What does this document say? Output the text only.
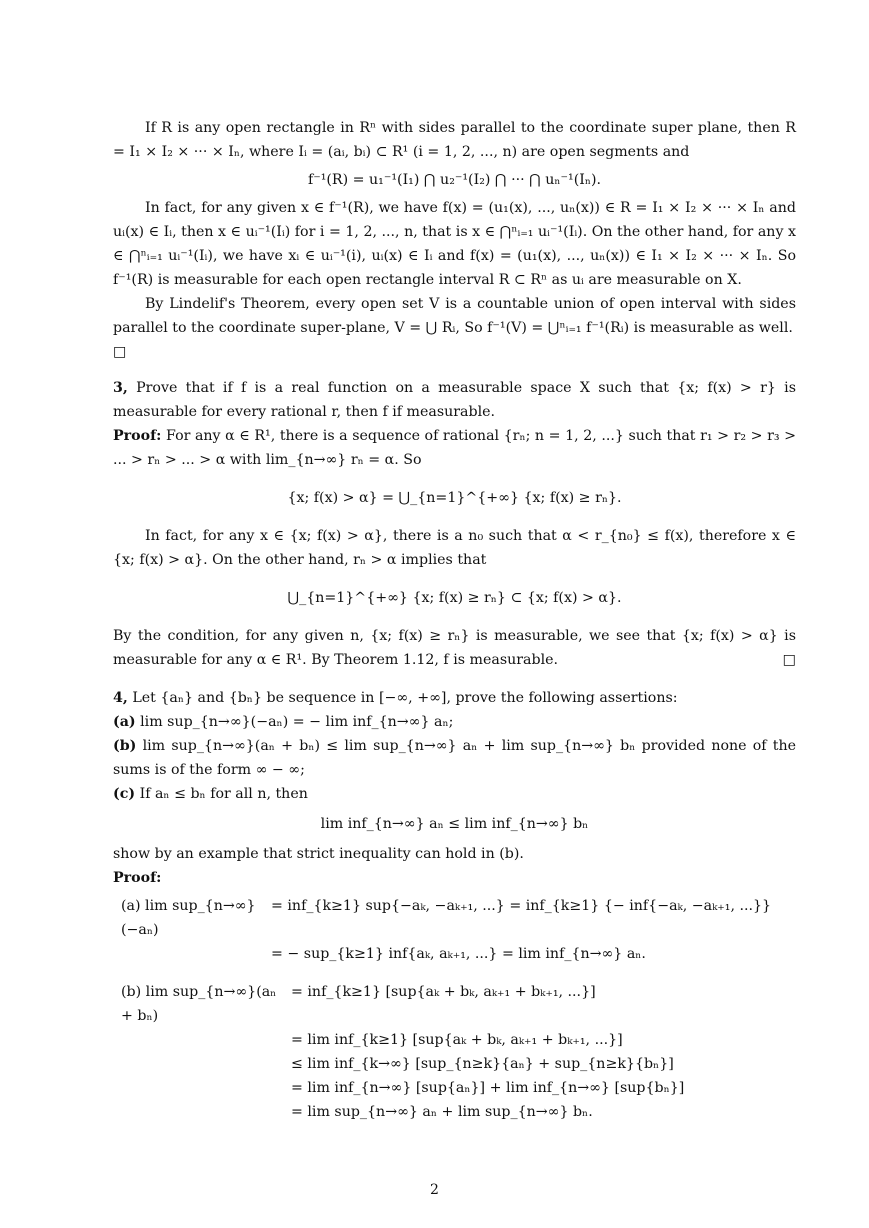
If R is any open rectangle in Rⁿ with sides parallel to the coordinate super plane, then R = I₁ × I₂ × ··· × Iₙ, where Iᵢ = (aᵢ, bᵢ) ⊂ R¹ (i = 1, 2, ..., n) are open segments and

f⁻¹(R) = u₁⁻¹(I₁) ⋂ u₂⁻¹(I₂) ⋂ ··· ⋂ uₙ⁻¹(Iₙ).

In fact, for any given x ∈ f⁻¹(R), we have f(x) = (u₁(x), ..., uₙ(x)) ∈ R = I₁ × I₂ × ··· × Iₙ and uᵢ(x) ∈ Iᵢ, then x ∈ uᵢ⁻¹(Iᵢ) for i = 1, 2, ..., n, that is x ∈ ⋂ⁿᵢ₌₁ uᵢ⁻¹(Iᵢ). On the other hand, for any x ∈ ⋂ⁿᵢ₌₁ uᵢ⁻¹(Iᵢ), we have xᵢ ∈ uᵢ⁻¹(i), uᵢ(x) ∈ Iᵢ and f(x) = (u₁(x), ..., uₙ(x)) ∈ I₁ × I₂ × ··· × Iₙ. So f⁻¹(R) is measurable for each open rectangle interval R ⊂ Rⁿ as uᵢ are measurable on X.

By Lindelif's Theorem, every open set V is a countable union of open interval with sides parallel to the coordinate super-plane, V = ⋃ Rᵢ, So f⁻¹(V) = ⋃ⁿᵢ₌₁ f⁻¹(Rᵢ) is measurable as well.

□

3, Prove that if f is a real function on a measurable space X such that {x; f(x) > r} is measurable for every rational r, then f if measurable.

Proof: For any α ∈ R¹, there is a sequence of rational {rₙ; n = 1, 2, ...} such that r₁ > r₂ > r₃ > ... > rₙ > ... > α with lim_{n→∞} rₙ = α. So

{x; f(x) > α} = ⋃_{n=1}^{+∞} {x; f(x) ≥ rₙ}.

In fact, for any x ∈ {x; f(x) > α}, there is a n₀ such that α < r_{n₀} ≤ f(x), therefore x ∈ {x; f(x) > α}. On the other hand, rₙ > α implies that

⋃_{n=1}^{+∞} {x; f(x) ≥ rₙ} ⊂ {x; f(x) > α}.

By the condition, for any given n, {x; f(x) ≥ rₙ} is measurable, we see that {x; f(x) > α} is measurable for any α ∈ R¹. By Theorem 1.12, f is measurable.	□

4, Let {aₙ} and {bₙ} be sequence in [−∞, +∞], prove the following assertions:

(a) lim sup_{n→∞}(−aₙ) = − lim inf_{n→∞} aₙ;

(b) lim sup_{n→∞}(aₙ + bₙ) ≤ lim sup_{n→∞} aₙ + lim sup_{n→∞} bₙ provided none of the sums is of the form ∞ − ∞;

(c) If aₙ ≤ bₙ for all n, then

lim inf_{n→∞} aₙ ≤ lim inf_{n→∞} bₙ

show by an example that strict inequality can hold in (b).

Proof:

(a) lim sup_{n→∞}(−aₙ)
= inf_{k≥1} sup{−aₖ, −aₖ₊₁, ...} = inf_{k≥1} {− inf{−aₖ, −aₖ₊₁, ...}}
= − sup_{k≥1} inf{aₖ, aₖ₊₁, ...} = lim inf_{n→∞} aₙ.
(b) lim sup_{n→∞}(aₙ + bₙ)
= inf_{k≥1} [sup{aₖ + bₖ, aₖ₊₁ + bₖ₊₁, ...}]
= lim inf_{k≥1} [sup{aₖ + bₖ, aₖ₊₁ + bₖ₊₁, ...}]
≤ lim inf_{k→∞} [sup_{n≥k}{aₙ} + sup_{n≥k}{bₙ}]
= lim inf_{n→∞} [sup{aₙ}] + lim inf_{n→∞} [sup{bₙ}]
= lim sup_{n→∞} aₙ + lim sup_{n→∞} bₙ.
2
